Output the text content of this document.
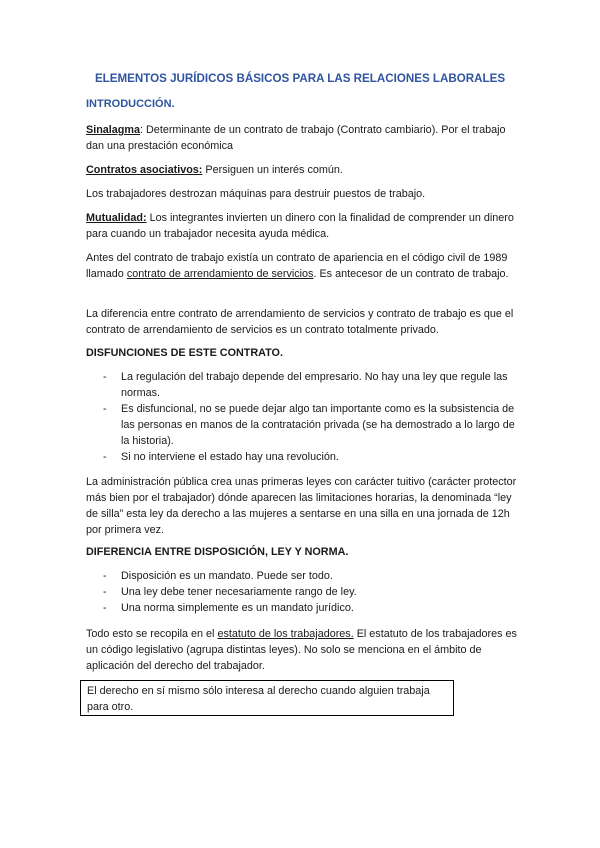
ELEMENTOS JURÍDICOS BÁSICOS PARA LAS RELACIONES LABORALES
INTRODUCCIÓN.
Sinalagma: Determinante de un contrato de trabajo (Contrato cambiario). Por el trabajo dan una prestación económica
Contratos asociativos: Persiguen un interés común.
Los trabajadores destrozan máquinas para destruir puestos de trabajo.
Mutualidad: Los integrantes invierten un dinero con la finalidad de comprender un dinero para cuando un trabajador necesita ayuda médica.
Antes del contrato de trabajo existía un contrato de apariencia en el código civil de 1989 llamado contrato de arrendamiento de servicios. Es antecesor de un contrato de trabajo.
La diferencia entre contrato de arrendamiento de servicios y contrato de trabajo es que el contrato de arrendamiento de servicios es un contrato totalmente privado.
DISFUNCIONES DE ESTE CONTRATO.
- La regulación del trabajo depende del empresario. No hay una ley que regule las normas.
- Es disfuncional, no se puede dejar algo tan importante como es la subsistencia de las personas en manos de la contratación privada (se ha demostrado a lo largo de la historia).
- Si no interviene el estado hay una revolución.
La administración pública crea unas primeras leyes con carácter tuitivo (carácter protector más bien por el trabajador) dónde aparecen las limitaciones horarias, la denominada “ley de silla” esta ley da derecho a las mujeres a sentarse en una silla en una jornada de 12h por primera vez.
DIFERENCIA ENTRE DISPOSICIÓN, LEY Y NORMA.
- Disposición es un mandato. Puede ser todo.
- Una ley debe tener necesariamente rango de ley.
- Una norma simplemente es un mandato jurídico.
Todo esto se recopila en el estatuto de los trabajadores. El estatuto de los trabajadores es un código legislativo (agrupa distintas leyes). No solo se menciona en el ámbito de aplicación del derecho del trabajador.
El derecho en sí mismo sólo interesa al derecho cuando alguien trabaja para otro.
